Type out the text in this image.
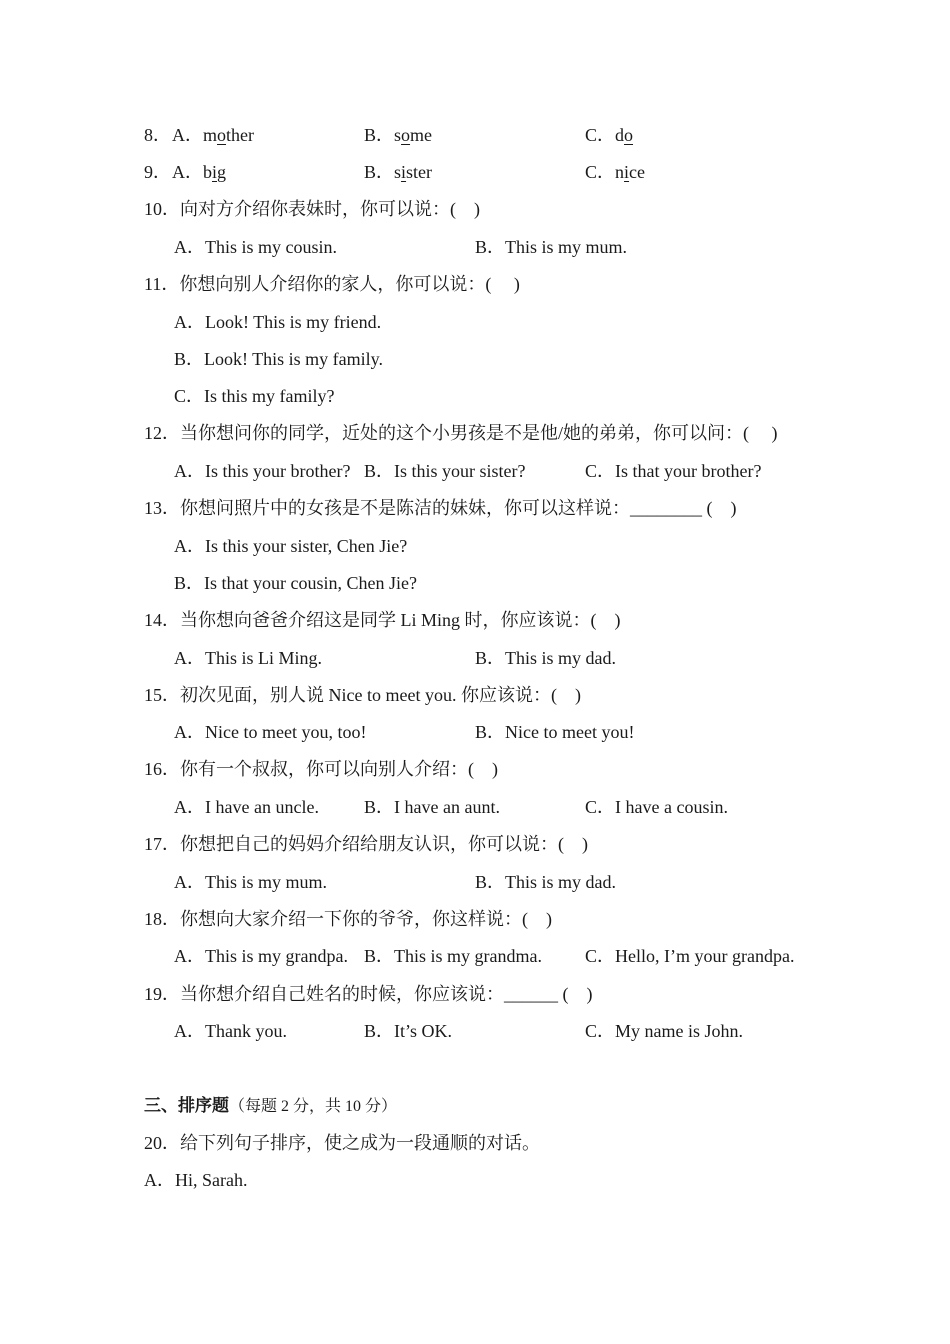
8． A．mother	B．some	C．do
9． A．big	B．sister	C．nice
10．向对方介绍你表妹时，你可以说：(　)
A．This is my cousin.	B．This is my mum.
11．你想向别人介绍你的家人，你可以说：(　 )
A．Look! This is my friend.
B．Look! This is my family.
C．Is this my family?
12．当你想问你的同学，近处的这个小男孩是不是他/她的弟弟，你可以问：(　 )
A．Is this your brother? B．Is this your sister?	C．Is that your brother?
13．你想问照片中的女孩是不是陈洁的妹妹，你可以这样说：________ (　)
A．Is this your sister, Chen Jie?
B．Is that your cousin, Chen Jie?
14．当你想向爸爸介绍这是同学 Li Ming 时，你应该说：(　)
A．This is Li Ming.	B．This is my dad.
15．初次见面，别人说 Nice to meet you. 你应该说：(　)
A．Nice to meet you, too!	B．Nice to meet you!
16．你有一个叔叔，你可以向别人介绍：(　)
A．I have an uncle.	B．I have an aunt.	C．I have a cousin.
17．你想把自己的妈妈介绍给朋友认识，你可以说：(　)
A．This is my mum.	B．This is my dad.
18．你想向大家介绍一下你的爷爷，你这样说：(　)
A．This is my grandpa. B．This is my grandma. C．Hello, I’m your grandpa.
19．当你想介绍自己姓名的时候，你应该说：______ (　)
A．Thank you.	B．It’s OK.	C．My name is John.
三、排序题（每题 2 分，共 10 分）
20．给下列句子排序，使之成为一段通顺的对话。
A．Hi, Sarah.
